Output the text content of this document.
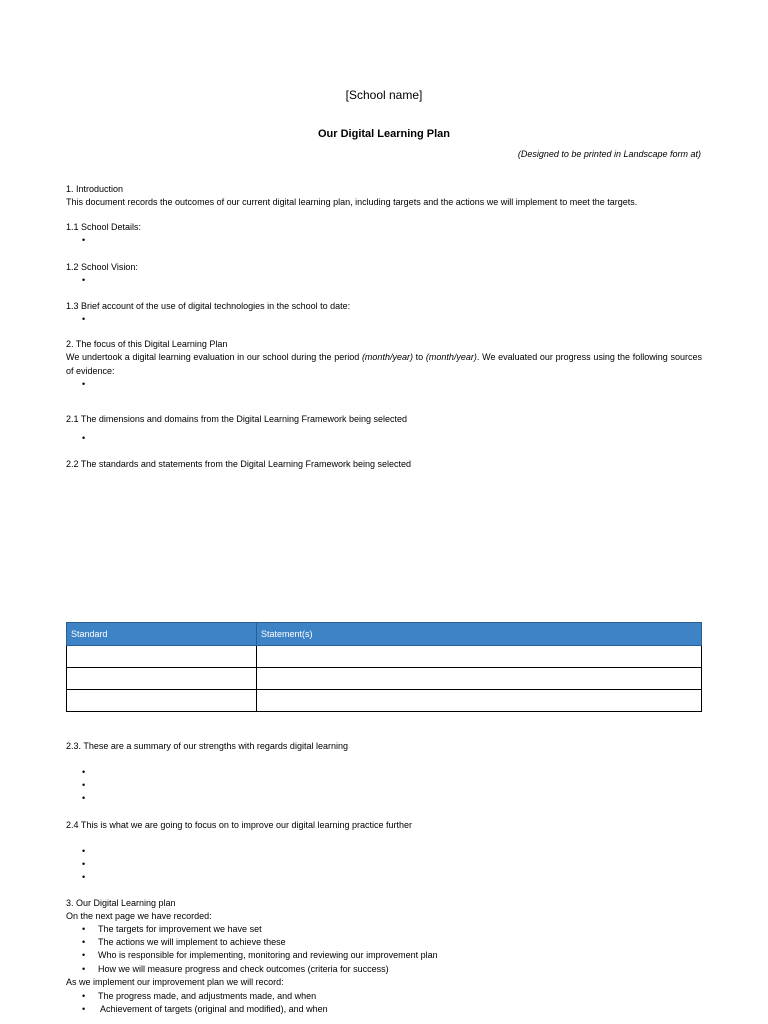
[School name]

Our Digital Learning Plan

(Designed to be printed in Landscape form at)

1. Introduction

This document records the outcomes of our current digital learning plan, including targets and the actions we will implement to meet the targets.

1.1 School Details:

•

1.2 School Vision:

•

1.3 Brief account of the use of digital technologies in the school to date:

•

2. The focus of this Digital Learning Plan

We undertook a digital learning evaluation in our school during the period (month/year) to (month/year). We evaluated our progress using the following sources of evidence:

•

2.1 The dimensions and domains from the Digital Learning Framework being selected

•

2.2 The standards and statements from the Digital Learning Framework being selected

Standard	Statement(s)

2.3. These are a summary of our strengths with regards digital learning

•

•

•

2.4 This is what we are going to focus on to improve our digital learning practice further

•

•

•

3. Our Digital Learning plan

On the next page we have recorded:

• The targets for improvement we have set
• The actions we will implement to achieve these
• Who is responsible for implementing, monitoring and reviewing our improvement plan
• How we will measure progress and check outcomes (criteria for success)

As we implement our improvement plan we will record:

• The progress made, and adjustments made, and when
• Achievement of targets (original and modified), and when
